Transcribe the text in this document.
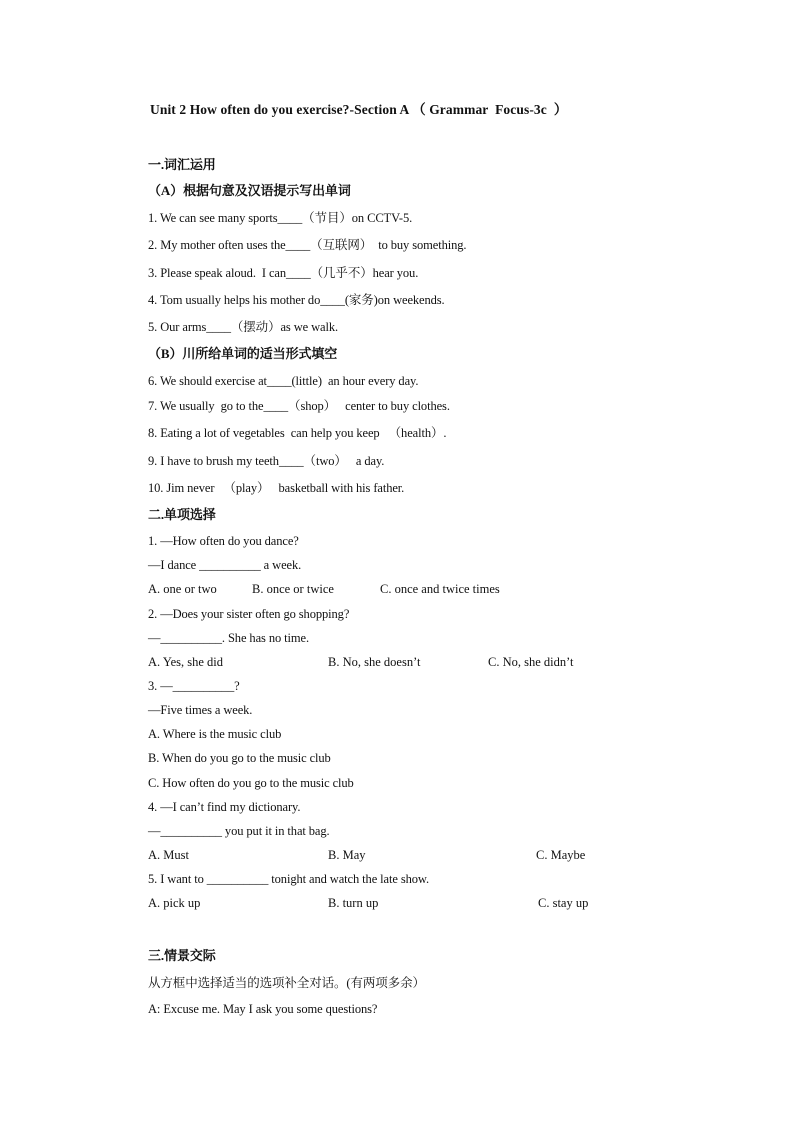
Unit 2 How often do you exercise?-Section A （ Grammar  Focus-3c  ）
一.词汇运用
（A）根据句意及汉语提示写出单词
1. We can see many sports____（节目）on CCTV-5.
2. My mother often uses the____（互联网）  to buy something.
3. Please speak aloud.  I can____（几乎不）hear you.
4. Tom usually helps his mother do____(家务)on weekends.
5. Our arms____（摆动）as we walk.
（B）川所给单词的适当形式填空
6. We should exercise at____(little)  an hour every day.
7. We usually  go to the____（shop）   center to buy clothes.
8. Eating a lot of vegetables  can help you keep   （health）.
9. I have to brush my teeth____（two）   a day.
10. Jim never   （play）   basketball with his father.
二.单项选择
1. —How often do you dance?
—I dance __________ a week.
A. one or two	B. once or twice	C. once and twice times
2. —Does your sister often go shopping?
—__________. She has no time.
A. Yes, she did	B. No, she doesn’t	C. No, she didn’t
3. —__________?
—Five times a week.
A. Where is the music club
B. When do you go to the music club
C. How often do you go to the music club
4. —I can’t find my dictionary.
—__________ you put it in that bag.
A. Must	B. May	C. Maybe
5. I want to __________ tonight and watch the late show.
A. pick up	B. turn up	C. stay up
三.情景交际
从方框中选择适当的选项补全对话。(有两项多余）
A: Excuse me. May I ask you some questions?
